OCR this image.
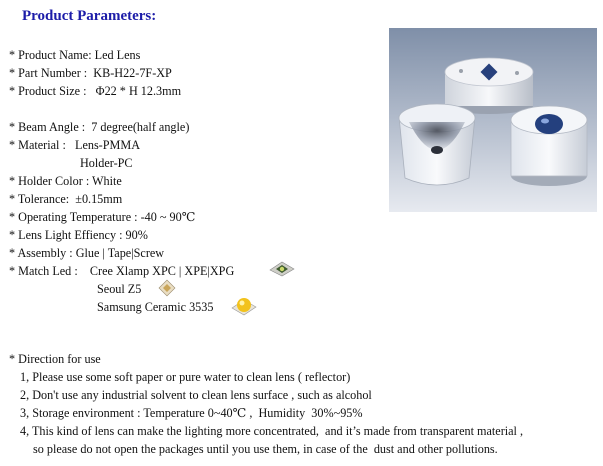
Product Parameters:
* Product Name: Led Lens
* Part Number :  KB-H22-7F-XP
* Product Size :   Φ22 * H 12.3mm
* Beam Angle :  7 degree(half angle)
* Material :   Lens-PMMA
Holder-PC
* Holder Color : White
* Tolerance:  ±0.15mm
* Operating Temperature : -40 ~ 90℃
* Lens Light Effiency : 90%
* Assembly : Glue | Tape|Screw
* Match Led :    Cree Xlamp XPC | XPE|XPG
Seoul Z5
Samsung Ceramic 3535
* Direction for use
1, Please use some soft paper or pure water to clean lens ( reflector)
2, Don't use any industrial solvent to clean lens surface , such as alcohol
3, Storage environment : Temperature 0~40℃ ,  Humidity  30%~95%
4, This kind of lens can make the lighting more concentrated,  and it’s made from transparent material ,
so please do not open the packages until you use them, in case of the  dust and other pollutions.
